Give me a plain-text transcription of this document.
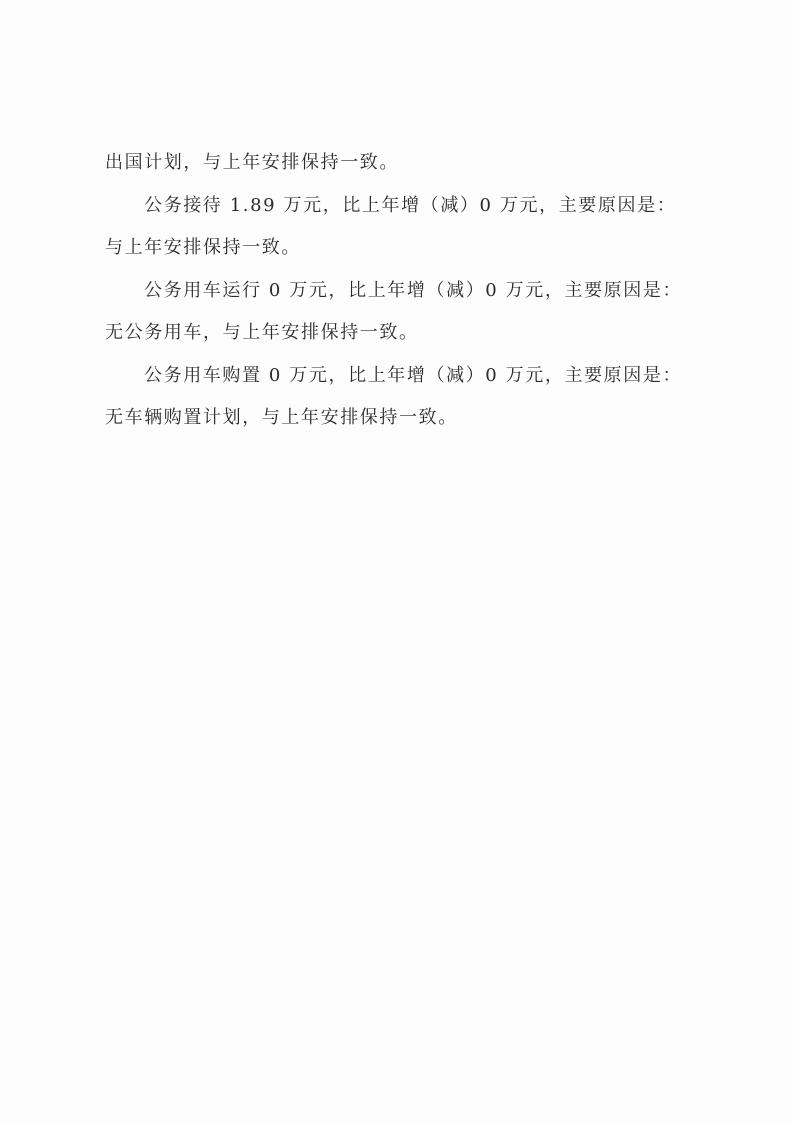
出国计划，与上年安排保持一致。
公务接待 1.89 万元，比上年增（减）0 万元，主要原因是：
与上年安排保持一致。
公务用车运行 0 万元，比上年增（减）0 万元，主要原因是：
无公务用车，与上年安排保持一致。
公务用车购置 0 万元，比上年增（减）0 万元，主要原因是：
无车辆购置计划，与上年安排保持一致。
